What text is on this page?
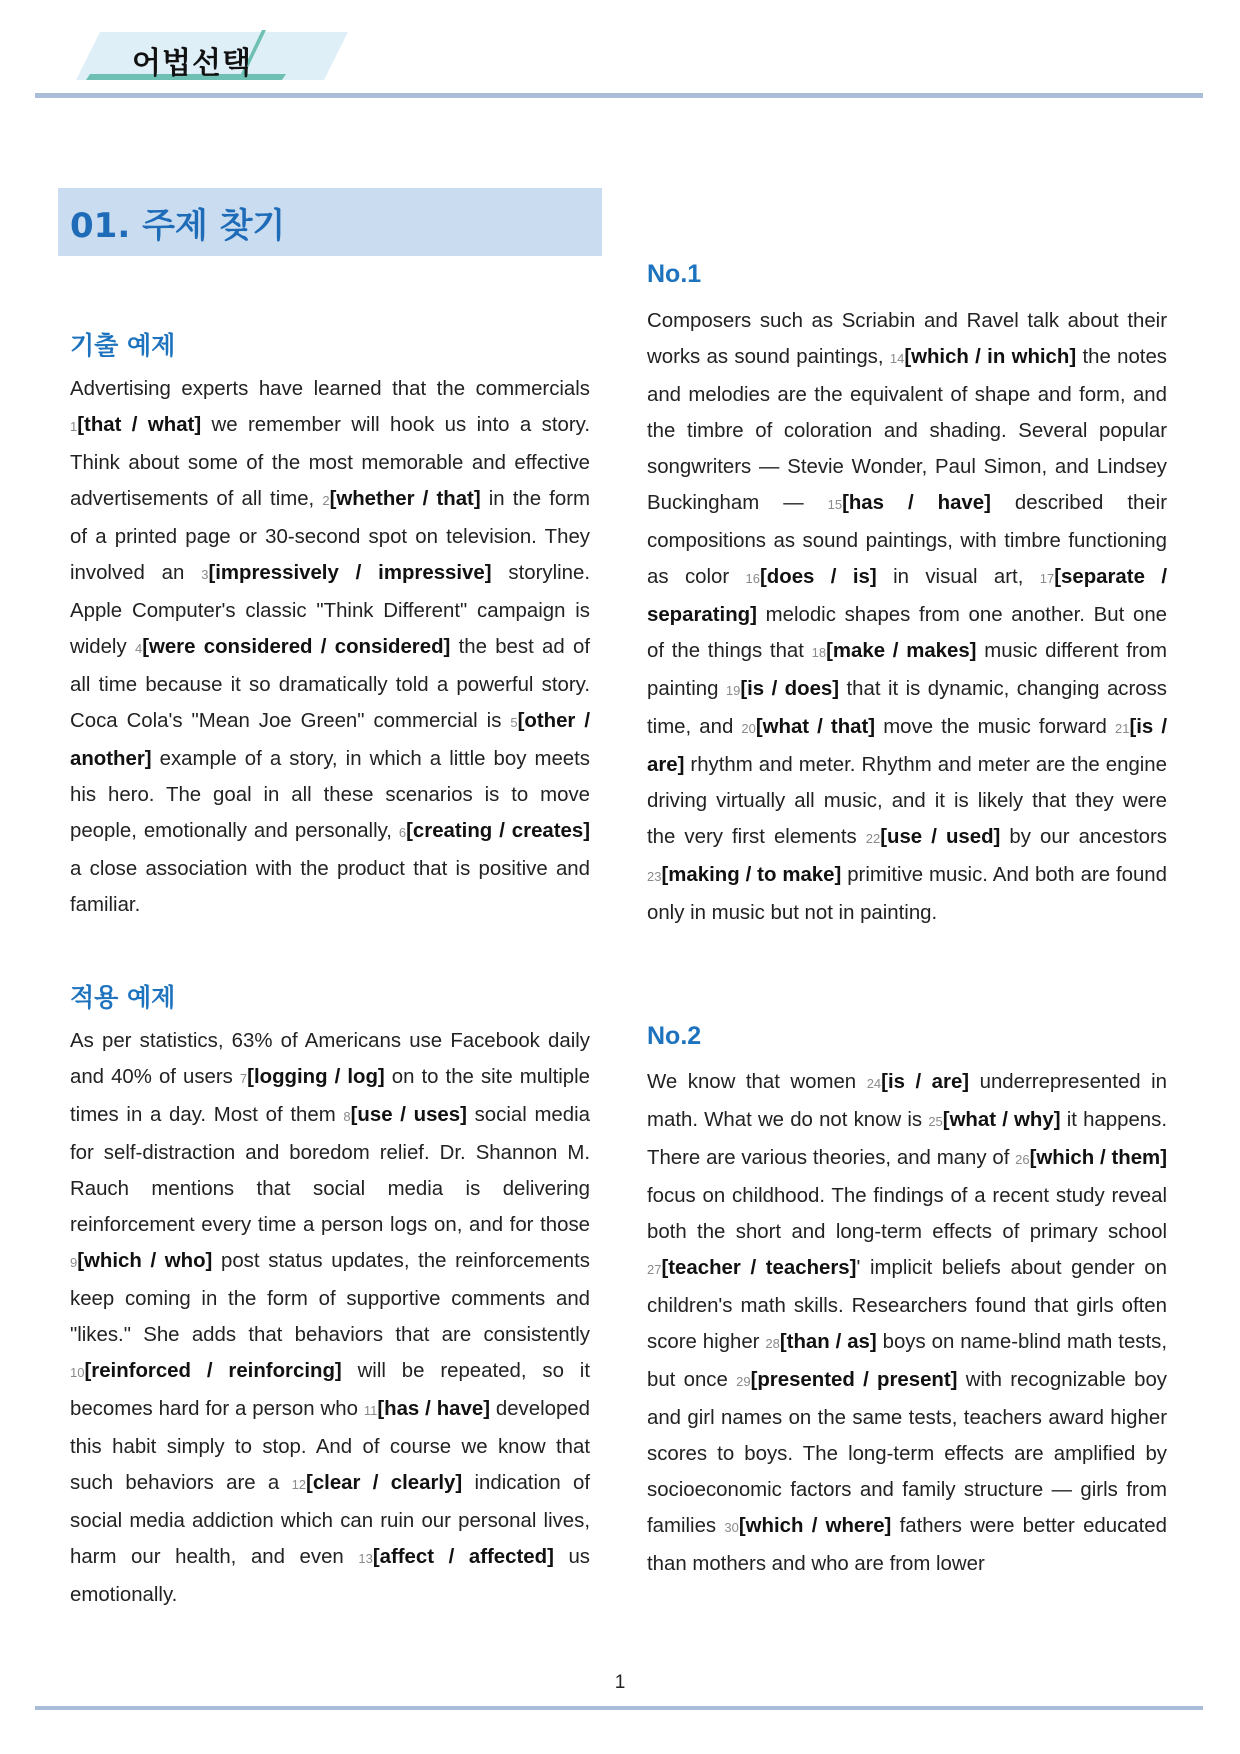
어법선택
01. 주제 찾기
기출 예제
Advertising experts have learned that the commercials 1[that / what] we remember will hook us into a story. Think about some of the most memorable and effective advertisements of all time, 2[whether / that] in the form of a printed page or 30-second spot on television. They involved an 3[impressively / impressive] storyline. Apple Computer's classic "Think Different" campaign is widely 4[were considered / considered] the best ad of all time because it so dramatically told a powerful story. Coca Cola's "Mean Joe Green" commercial is 5[other / another] example of a story, in which a little boy meets his hero. The goal in all these scenarios is to move people, emotionally and personally, 6[creating / creates] a close association with the product that is positive and familiar.
적용 예제
As per statistics, 63% of Americans use Facebook daily and 40% of users 7[logging / log] on to the site multiple times in a day. Most of them 8[use / uses] social media for self-distraction and boredom relief. Dr. Shannon M. Rauch mentions that social media is delivering reinforcement every time a person logs on, and for those 9[which / who] post status updates, the reinforcements keep coming in the form of supportive comments and "likes." She adds that behaviors that are consistently 10[reinforced / reinforcing] will be repeated, so it becomes hard for a person who 11[has / have] developed this habit simply to stop. And of course we know that such behaviors are a 12[clear / clearly] indication of social media addiction which can ruin our personal lives, harm our health, and even 13[affect / affected] us emotionally.
No.1
Composers such as Scriabin and Ravel talk about their works as sound paintings, 14[which / in which] the notes and melodies are the equivalent of shape and form, and the timbre of coloration and shading. Several popular songwriters — Stevie Wonder, Paul Simon, and Lindsey Buckingham — 15[has / have] described their compositions as sound paintings, with timbre functioning as color 16[does / is] in visual art, 17[separate / separating] melodic shapes from one another. But one of the things that 18[make / makes] music different from painting 19[is / does] that it is dynamic, changing across time, and 20[what / that] move the music forward 21[is / are] rhythm and meter. Rhythm and meter are the engine driving virtually all music, and it is likely that they were the very first elements 22[use / used] by our ancestors 23[making / to make] primitive music. And both are found only in music but not in painting.
No.2
We know that women 24[is / are] underrepresented in math. What we do not know is 25[what / why] it happens. There are various theories, and many of 26[which / them] focus on childhood. The findings of a recent study reveal both the short and long-term effects of primary school 27[teacher / teachers]' implicit beliefs about gender on children's math skills. Researchers found that girls often score higher 28[than / as] boys on name-blind math tests, but once 29[presented / present] with recognizable boy and girl names on the same tests, teachers award higher scores to boys. The long-term effects are amplified by socioeconomic factors and family structure — girls from families 30[which / where] fathers were better educated than mothers and who are from lower
1
